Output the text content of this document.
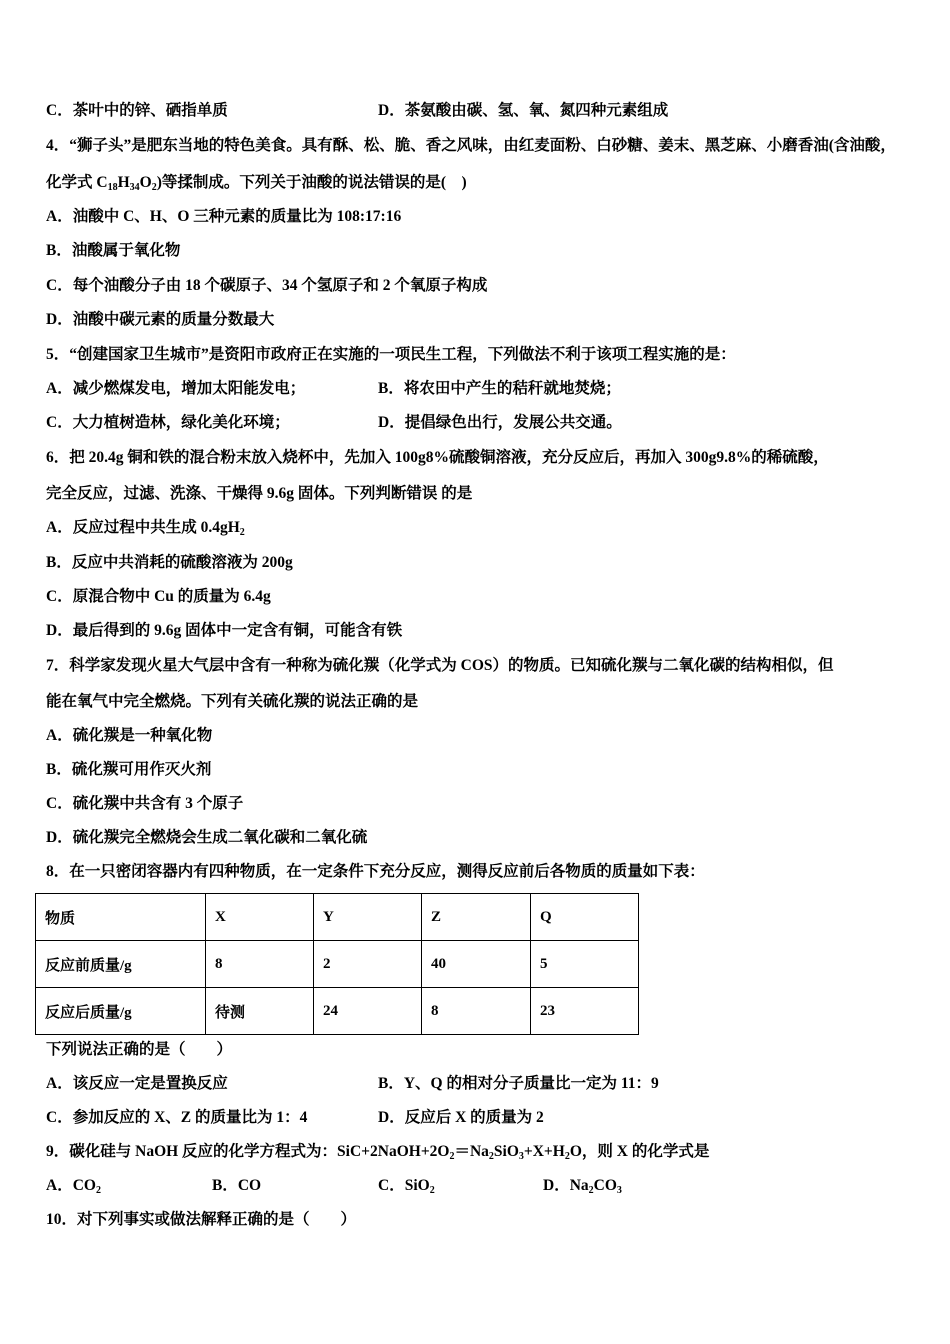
C．茶叶中的锌、硒指单质	D．茶氨酸由碳、氢、氧、氮四种元素组成
4．“狮子头”是肥东当地的特色美食。具有酥、松、脆、香之风味，由红麦面粉、白砂糖、姜末、黑芝麻、小磨香油(含油酸，
化学式 $C_{18}H_{34}O_2$)等揉制成。下列关于油酸的说法错误的是(　)
A．油酸中 C、H、O 三种元素的质量比为 108:17:16
B．油酸属于氧化物
C．每个油酸分子由 18 个碳原子、34 个氢原子和 2 个氧原子构成
D．油酸中碳元素的质量分数最大
5．“创建国家卫生城市”是资阳市政府正在实施的一项民生工程，下列做法不利于该项工程实施的是：
A．减少燃煤发电，增加太阳能发电；	B．将农田中产生的秸秆就地焚烧；
C．大力植树造林，绿化美化环境；	D．提倡绿色出行，发展公共交通。
6．把 20.4g 铜和铁的混合粉末放入烧杯中，先加入 100g8%硫酸铜溶液，充分反应后，再加入 300g9.8%的稀硫酸，
完全反应，过滤、洗涤、干燥得 9.6g 固体。下列判断错误 的是
A．反应过程中共生成 $0.4gH_2$
B．反应中共消耗的硫酸溶液为 200g
C．原混合物中 Cu 的质量为 6.4g
D．最后得到的 9.6g 固体中一定含有铜，可能含有铁
7．科学家发现火星大气层中含有一种称为硫化羰（化学式为 COS）的物质。已知硫化羰与二氧化碳的结构相似，但
能在氧气中完全燃烧。下列有关硫化羰的说法正确的是
A．硫化羰是一种氧化物
B．硫化羰可用作灭火剂
C．硫化羰中共含有 3 个原子
D．硫化羰完全燃烧会生成二氧化碳和二氧化硫
8．在一只密闭容器内有四种物质，在一定条件下充分反应，测得反应前后各物质的质量如下表：
物质	X	Y	Z	Q
反应前质量/g	8	2	40	5
反应后质量/g	待测	24	8	23
下列说法正确的是（　　）
A．该反应一定是置换反应	B．Y、Q 的相对分子质量比一定为 11：9
C．参加反应的 X、Z 的质量比为 1：4	D．反应后 X 的质量为 2
9．碳化硅与 NaOH 反应的化学方程式为：$SiC+2NaOH+2O_2=Na_2SiO_3+X+H_2O$，则 X 的化学式是
A．$CO_2$	B．CO	C．SiO$_2$	D．$Na_2CO_3$
10．对下列事实或做法解释正确的是（　　）
